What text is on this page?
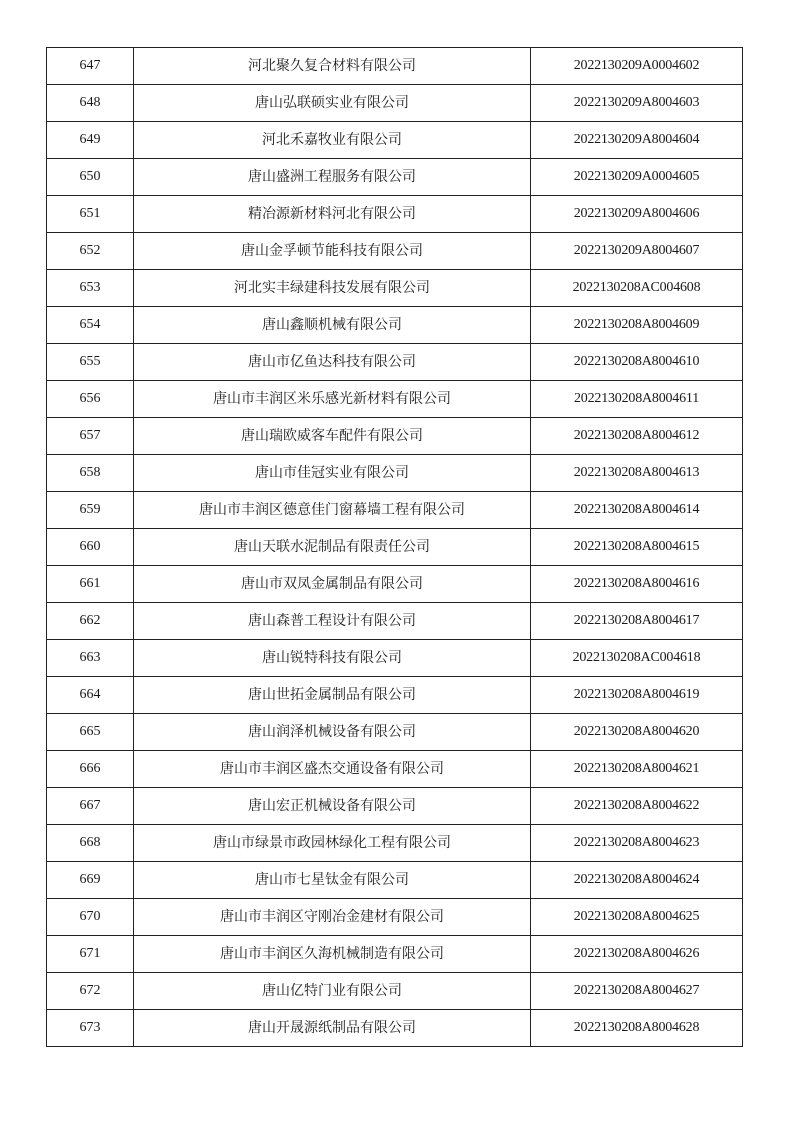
647	河北聚久复合材料有限公司	2022130209A0004602
648	唐山弘联硕实业有限公司	2022130209A8004603
649	河北禾嘉牧业有限公司	2022130209A8004604
650	唐山盛洲工程服务有限公司	2022130209A0004605
651	精冶源新材料河北有限公司	2022130209A8004606
652	唐山金孚顿节能科技有限公司	2022130209A8004607
653	河北实丰绿建科技发展有限公司	2022130208AC004608
654	唐山鑫顺机械有限公司	2022130208A8004609
655	唐山市亿鱼达科技有限公司	2022130208A8004610
656	唐山市丰润区米乐感光新材料有限公司	2022130208A8004611
657	唐山瑞欧威客车配件有限公司	2022130208A8004612
658	唐山市佳冠实业有限公司	2022130208A8004613
659	唐山市丰润区德意佳门窗幕墙工程有限公司	2022130208A8004614
660	唐山天联水泥制品有限责任公司	2022130208A8004615
661	唐山市双凤金属制品有限公司	2022130208A8004616
662	唐山森普工程设计有限公司	2022130208A8004617
663	唐山锐特科技有限公司	2022130208AC004618
664	唐山世拓金属制品有限公司	2022130208A8004619
665	唐山润泽机械设备有限公司	2022130208A8004620
666	唐山市丰润区盛杰交通设备有限公司	2022130208A8004621
667	唐山宏正机械设备有限公司	2022130208A8004622
668	唐山市绿景市政园林绿化工程有限公司	2022130208A8004623
669	唐山市七星钛金有限公司	2022130208A8004624
670	唐山市丰润区守刚冶金建材有限公司	2022130208A8004625
671	唐山市丰润区久海机械制造有限公司	2022130208A8004626
672	唐山亿特门业有限公司	2022130208A8004627
673	唐山开晟源纸制品有限公司	2022130208A8004628
